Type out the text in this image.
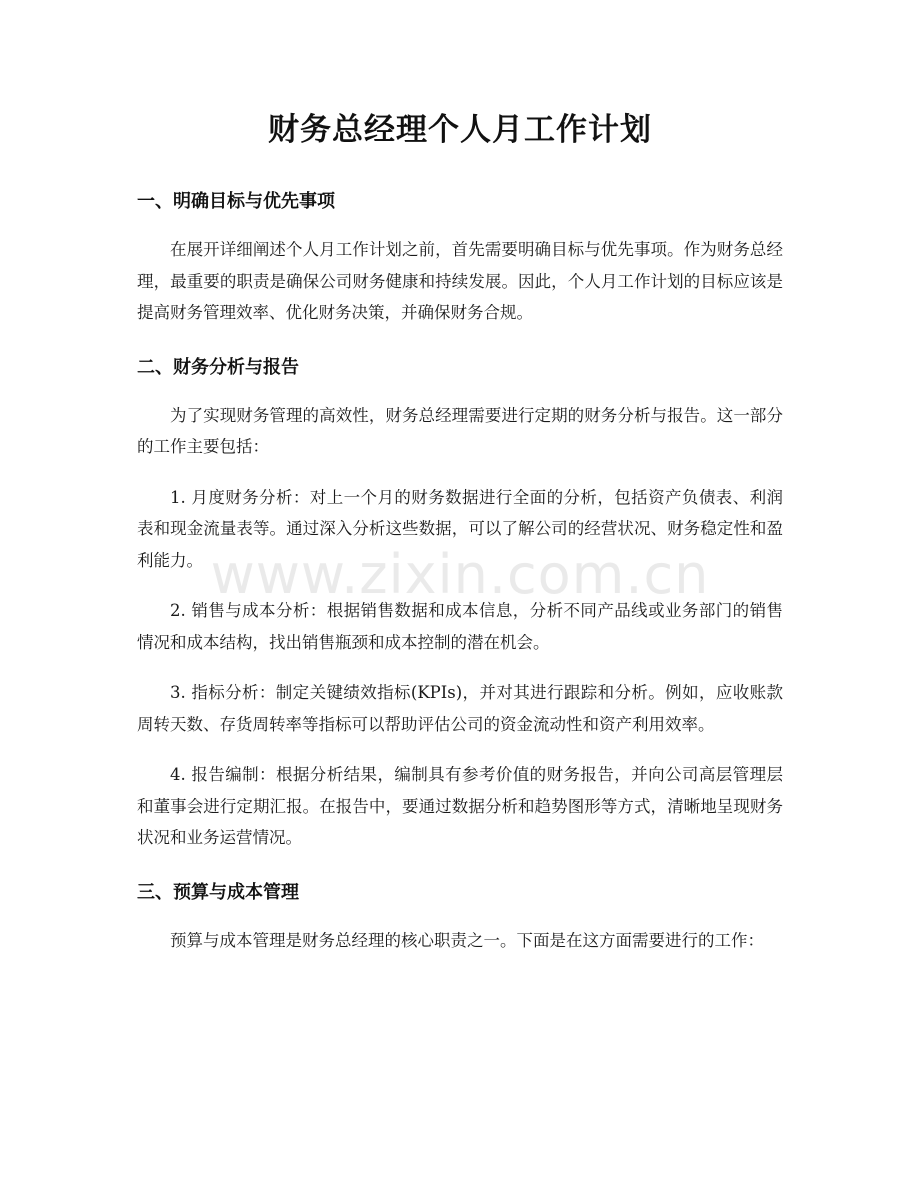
财务总经理个人月工作计划
一、明确目标与优先事项

在展开详细阐述个人月工作计划之前，首先需要明确目标与优先事项。作为财务总经理，最重要的职责是确保公司财务健康和持续发展。因此，个人月工作计划的目标应该是提高财务管理效率、优化财务决策，并确保财务合规。

二、财务分析与报告

为了实现财务管理的高效性，财务总经理需要进行定期的财务分析与报告。这一部分的工作主要包括：

1. 月度财务分析：对上一个月的财务数据进行全面的分析，包括资产负债表、利润表和现金流量表等。通过深入分析这些数据，可以了解公司的经营状况、财务稳定性和盈利能力。

2. 销售与成本分析：根据销售数据和成本信息，分析不同产品线或业务部门的销售情况和成本结构，找出销售瓶颈和成本控制的潜在机会。

3. 指标分析：制定关键绩效指标(KPIs)，并对其进行跟踪和分析。例如，应收账款周转天数、存货周转率等指标可以帮助评估公司的资金流动性和资产利用效率。

4. 报告编制：根据分析结果，编制具有参考价值的财务报告，并向公司高层管理层和董事会进行定期汇报。在报告中，要通过数据分析和趋势图形等方式，清晰地呈现财务状况和业务运营情况。

三、预算与成本管理

预算与成本管理是财务总经理的核心职责之一。下面是在这方面需要进行的工作：

www.zixin.com.cn
